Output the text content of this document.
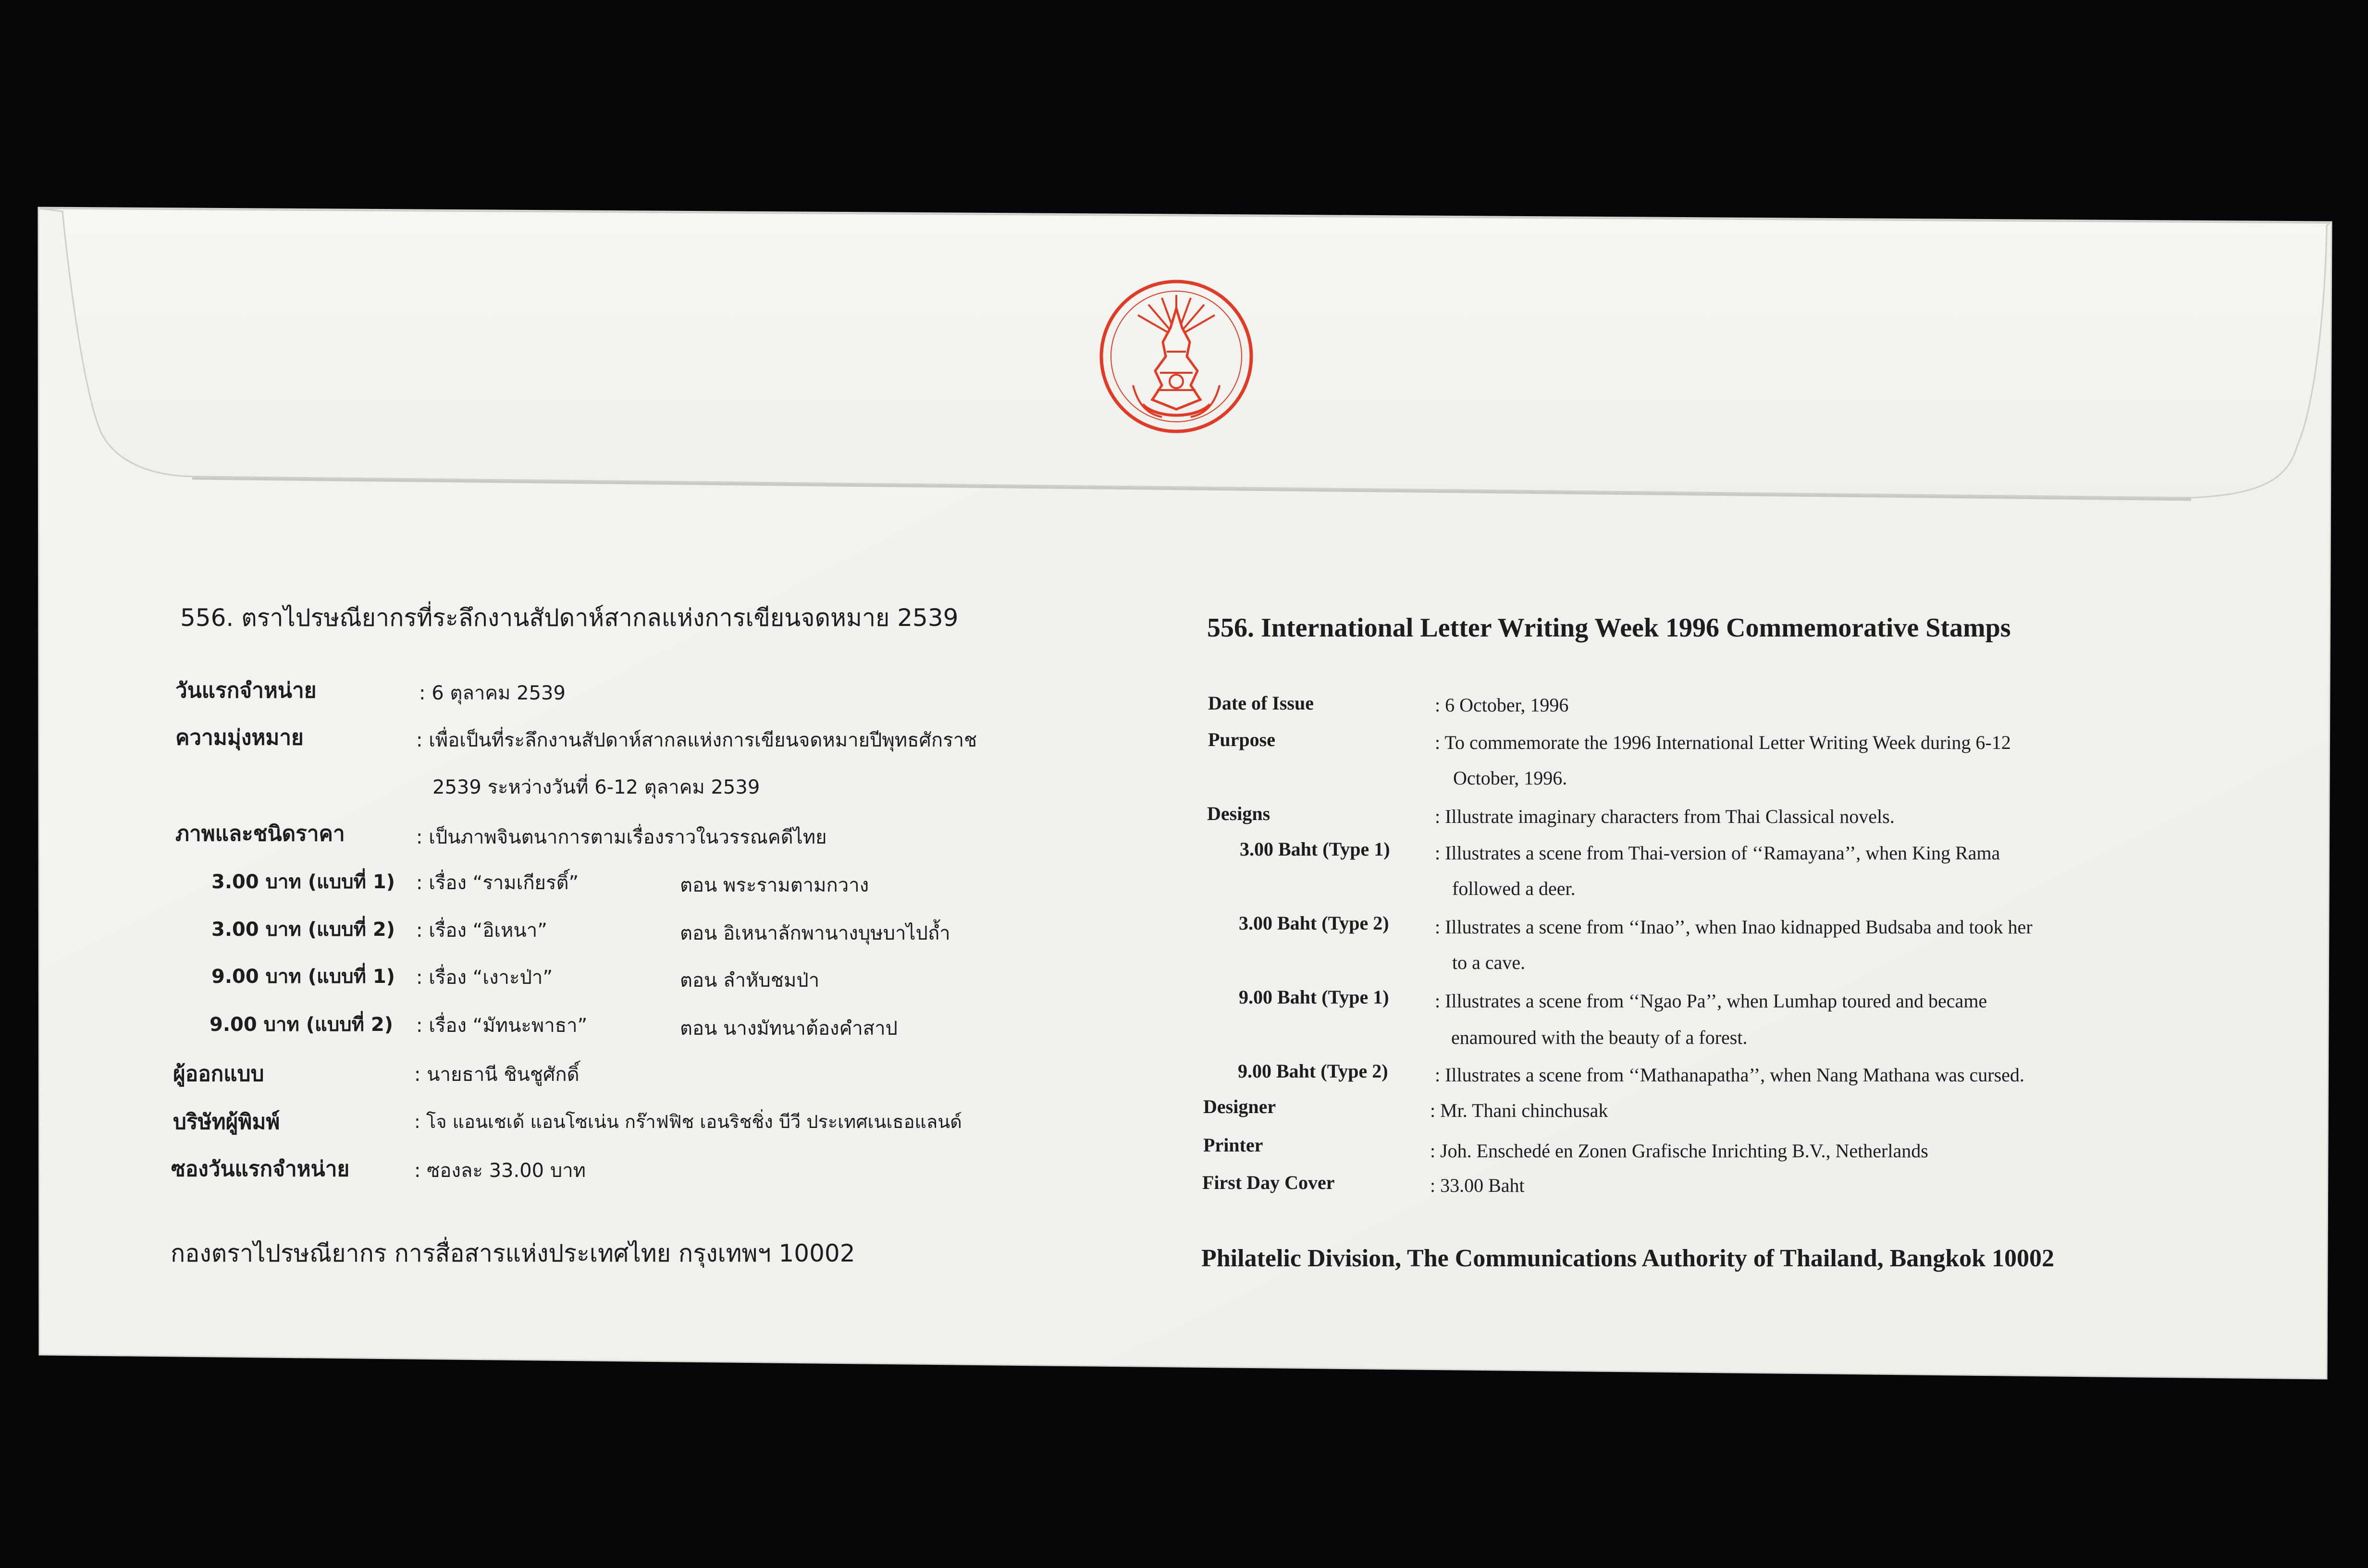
556. ตราไปรษณียากรที่ระลึกงานสัปดาห์สากลแห่งการเขียนจดหมาย 2539
วันแรกจำหน่าย	: 6 ตุลาคม 2539
ความมุ่งหมาย	: เพื่อเป็นที่ระลึกงานสัปดาห์สากลแห่งการเขียนจดหมายปีพุทธศักราช
2539 ระหว่างวันที่ 6-12 ตุลาคม 2539
ภาพและชนิดราคา	: เป็นภาพจินตนาการตามเรื่องราวในวรรณคดีไทย
3.00 บาท (แบบที่ 1) : เรื่อง “รามเกียรติ์”	ตอน พระรามตามกวาง
3.00 บาท (แบบที่ 2) : เรื่อง “อิเหนา”	ตอน อิเหนาลักพานางบุษบาไปถ้ำ
9.00 บาท (แบบที่ 1) : เรื่อง “เงาะป่า”	ตอน ลำหับชมป่า
9.00 บาท (แบบที่ 2) : เรื่อง “มัทนะพาธา”	ตอน นางมัทนาต้องคำสาป
ผู้ออกแบบ	: นายธานี ชินชูศักดิ์
บริษัทผู้พิมพ์	: โจ แอนเชเด้ แอนโซเน่น กร๊าฟฟิช เอนริชชิ่ง บีวี ประเทศเนเธอแลนด์
ซองวันแรกจำหน่าย	: ซองละ 33.00 บาท
กองตราไปรษณียากร การสื่อสารแห่งประเทศไทย กรุงเทพฯ 10002
556. International Letter Writing Week 1996 Commemorative Stamps
Date of Issue	: 6 October, 1996
Purpose	: To commemorate the 1996 International Letter Writing Week during 6-12
October, 1996.
Designs	: Illustrate imaginary characters from Thai Classical novels.
3.00 Baht (Type 1) : Illustrates a scene from Thai-version of ‘‘Ramayana’’, when King Rama
followed a deer.
3.00 Baht (Type 2) : Illustrates a scene from ‘‘Inao’’, when Inao kidnapped Budsaba and took her
to a cave.
9.00 Baht (Type 1) : Illustrates a scene from ‘‘Ngao Pa’’, when Lumhap toured and became
enamoured with the beauty of a forest.
9.00 Baht (Type 2) : Illustrates a scene from ‘‘Mathanapatha’’, when Nang Mathana was cursed.
Designer	: Mr. Thani chinchusak
Printer	: Joh. Enschedé en Zonen Grafische Inrichting B.V., Netherlands
First Day Cover	: 33.00 Baht
Philatelic Division, The Communications Authority of Thailand, Bangkok 10002
